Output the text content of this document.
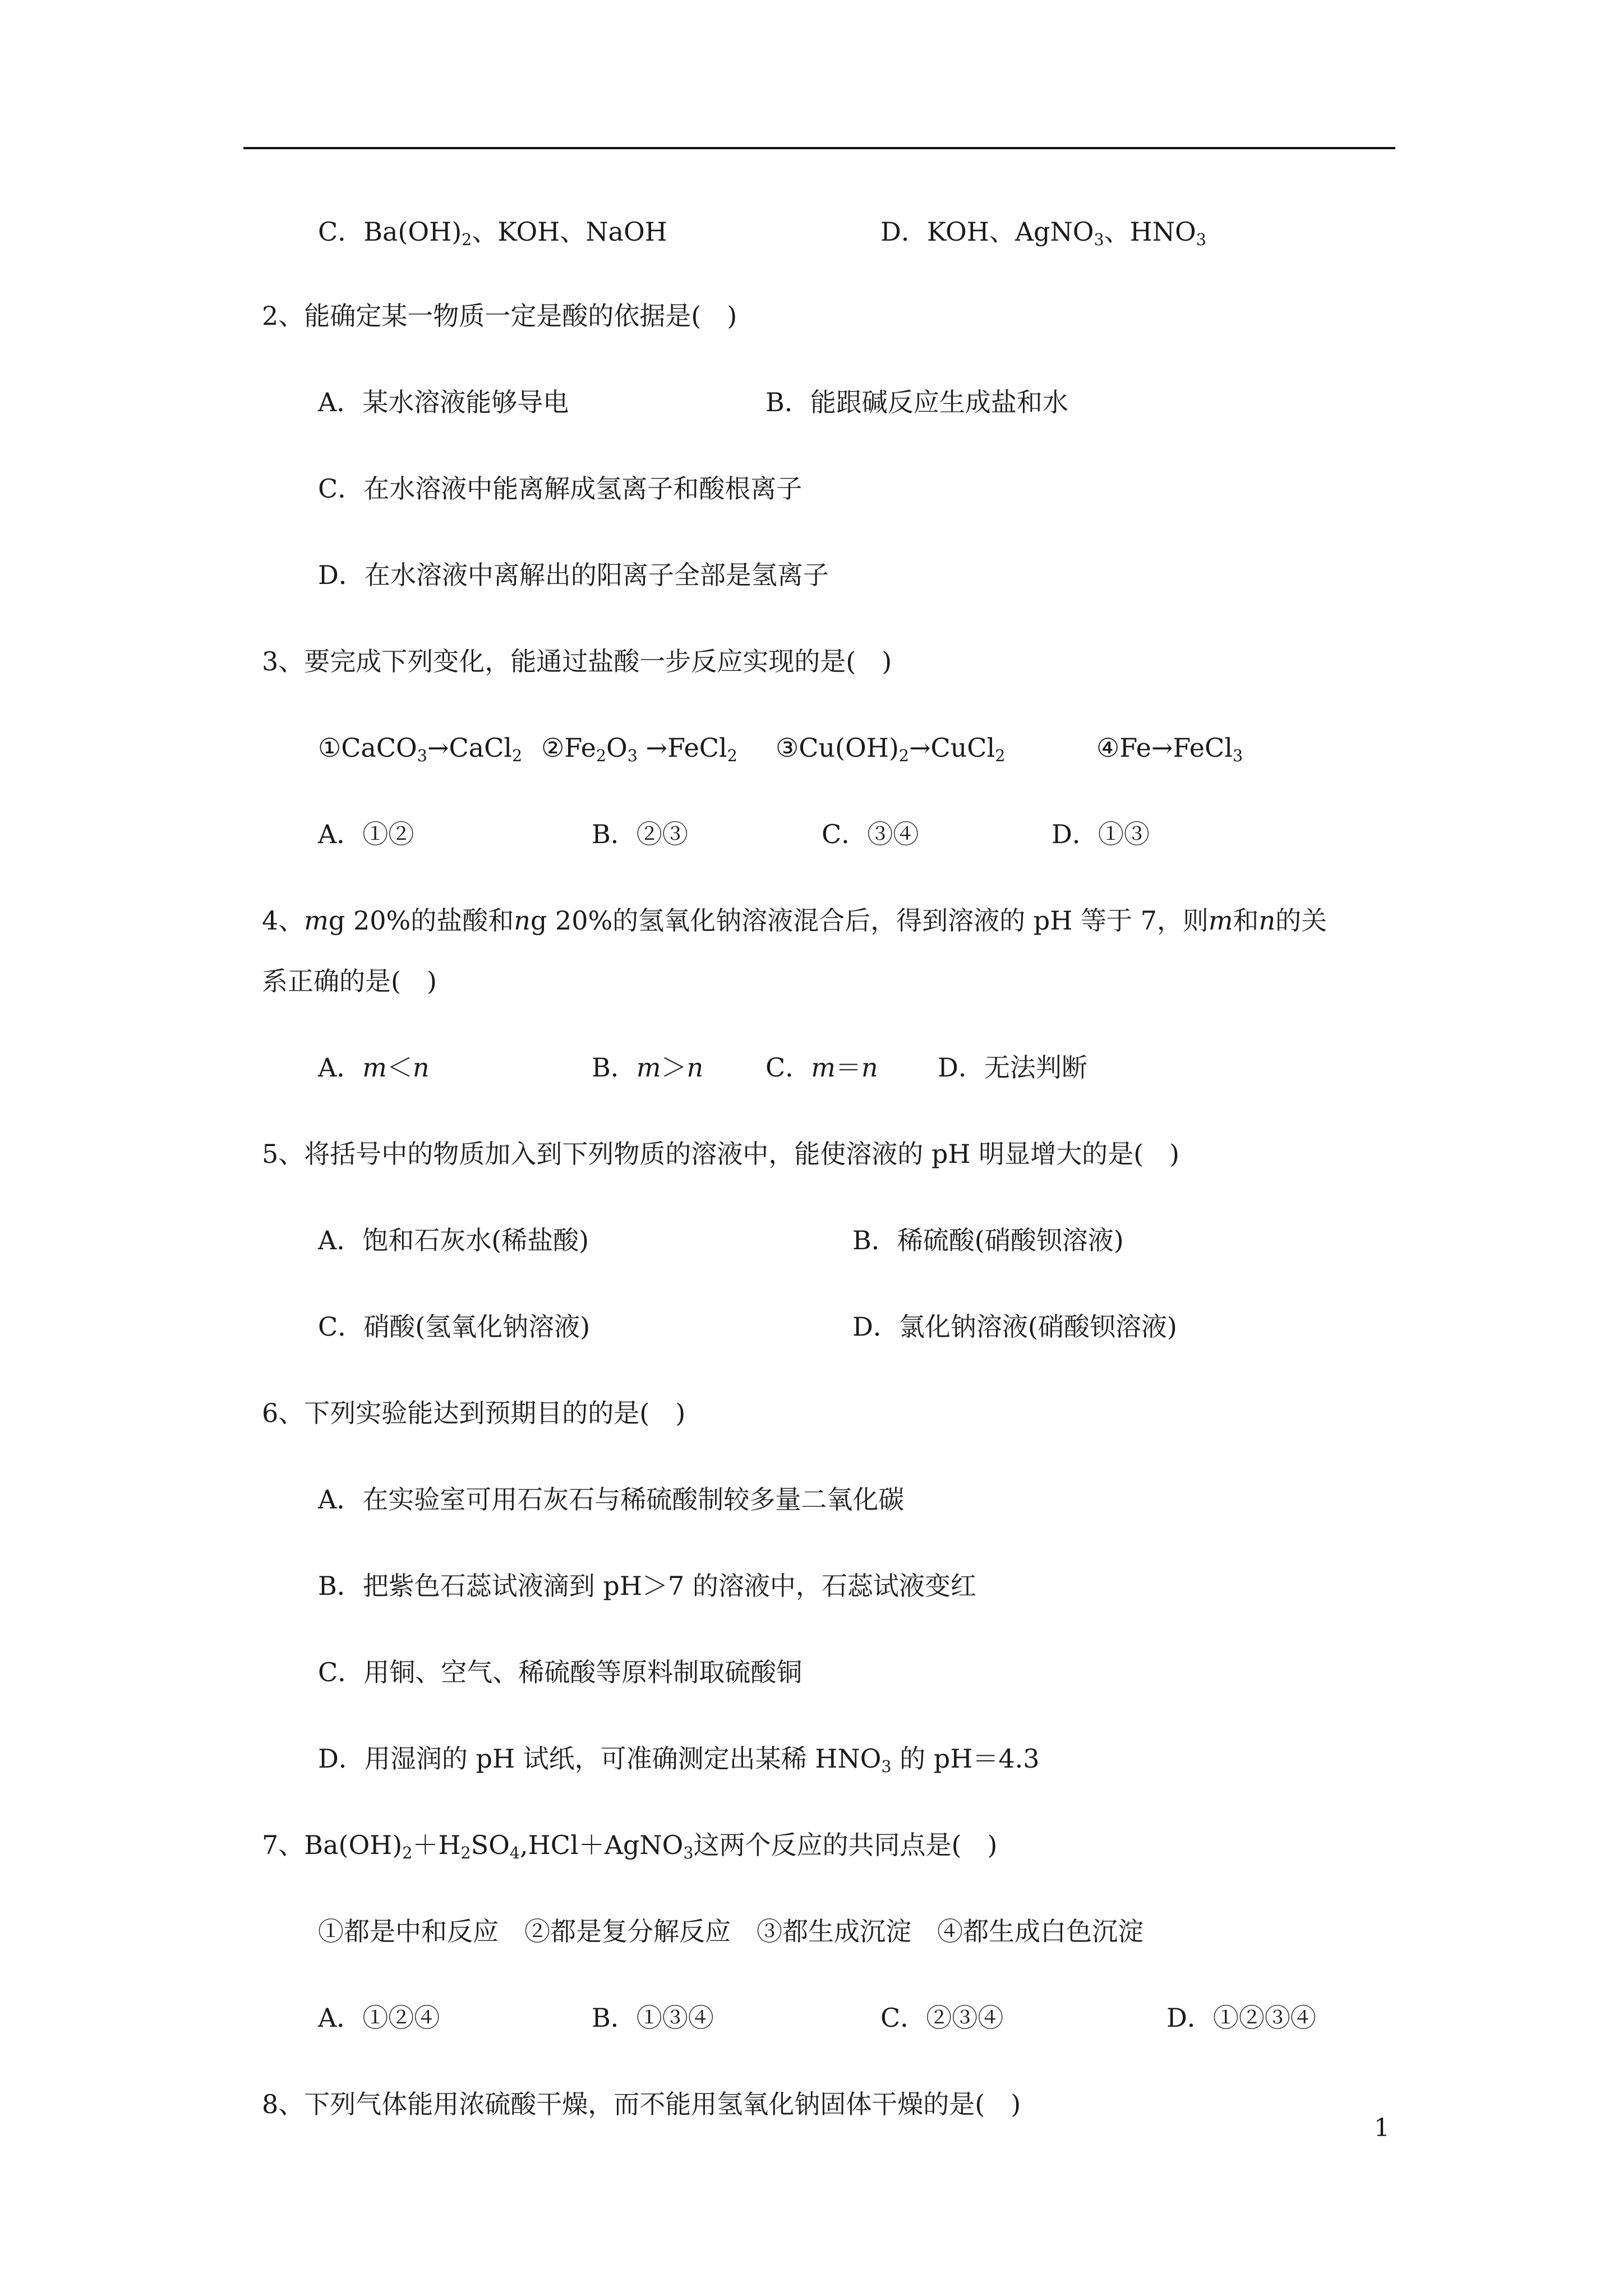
C．$Ba(OH)_2$、KOH、NaOH	D．KOH、AgNO$_3$、$HNO_3$
2、能确定某一物质一定是酸的依据是(　)
A．某水溶液能够导电	B．能跟碱反应生成盐和水
C．在水溶液中能离解成氢离子和酸根离子
D．在水溶液中离解出的阳离子全部是氢离子
3、要完成下列变化，能通过盐酸一步反应实现的是(　)
①CaCO$_3$→CaCl$_2$ $②Fe_2O_3$ →FeCl$_2$ $③Cu(OH)_2\to CuCl_2$	④Fe→FeCl$_3$
A．①②	B．②③	C．③④	D．①③
4、mg 20%的盐酸和ng 20%的氢氧化钠溶液混合后，得到溶液的 pH 等于 7，则m和n的关
系正确的是(　)
A．m＜n	B．m＞n C．m＝n D．无法判断
5、将括号中的物质加入到下列物质的溶液中，能使溶液的 pH 明显增大的是(　)
A．饱和石灰水(稀盐酸)	B．稀硫酸(硝酸钡溶液)
C．硝酸(氢氧化钠溶液)	D．氯化钠溶液(硝酸钡溶液)
6、下列实验能达到预期目的的是(　)
A．在实验室可用石灰石与稀硫酸制较多量二氧化碳
B．把紫色石蕊试液滴到 pH＞7 的溶液中，石蕊试液变红
C．用铜、空气、稀硫酸等原料制取硫酸铜
D．用湿润的 pH 试纸，可准确测定出某稀 $HNO_3$ 的 pH＝4.3
7、$Ba(OH)_2+H_2SO_4,HCl+AgNO_3$这两个反应的共同点是(　)
①都是中和反应　②都是复分解反应　③都生成沉淀　④都生成白色沉淀
A．①②④	B．①③④	C．②③④	D．①②③④
8、下列气体能用浓硫酸干燥，而不能用氢氧化钠固体干燥的是(　)
1
